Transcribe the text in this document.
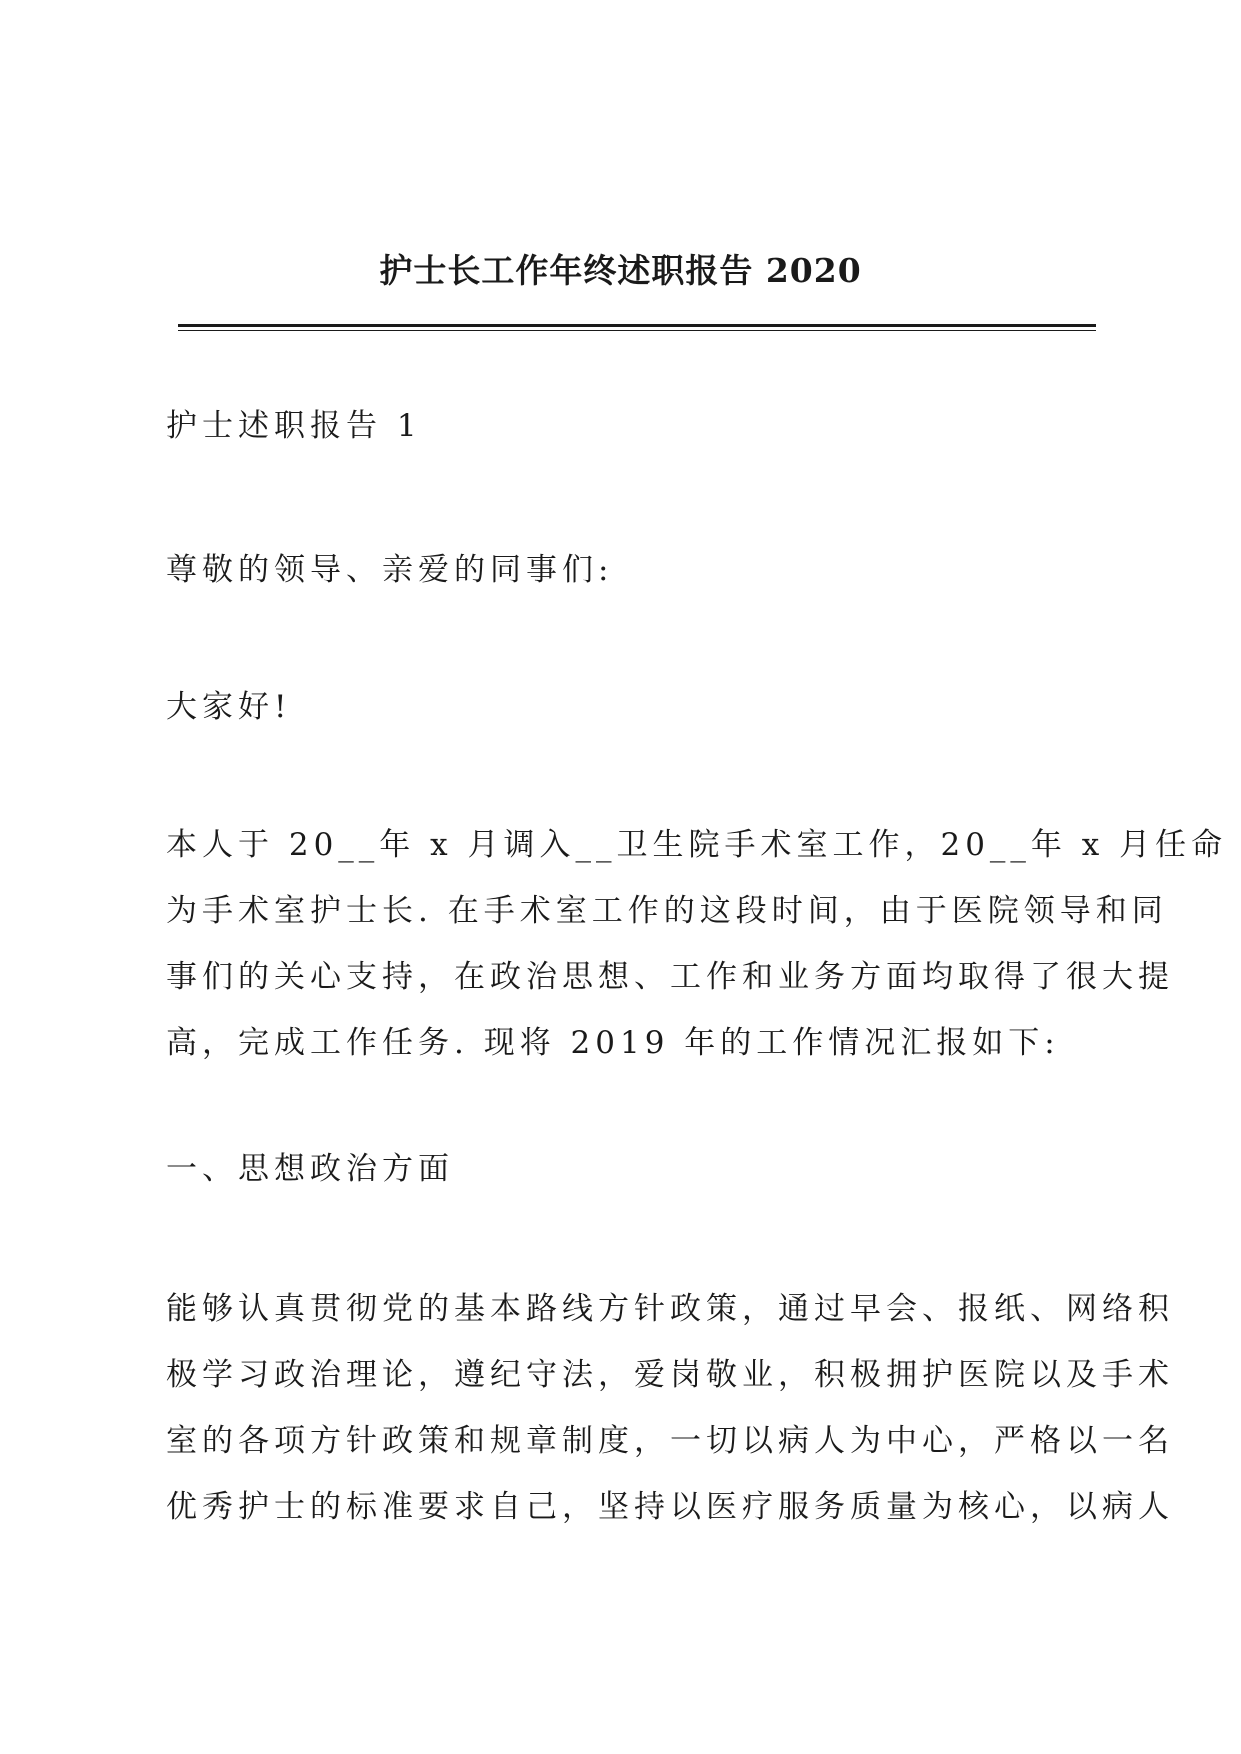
护士长工作年终述职报告 2020

护士述职报告 1

尊敬的领导、亲爱的同事们:

大家好!

本人于 20__年 x 月调入__卫生院手术室工作，20__年 x 月任命
为手术室护士长. 在手术室工作的这段时间，由于医院领导和同
事们的关心支持，在政治思想、工作和业务方面均取得了很大提
高，完成工作任务. 现将 2019 年的工作情况汇报如下:

一、思想政治方面

能够认真贯彻党的基本路线方针政策，通过早会、报纸、网络积
极学习政治理论，遵纪守法，爱岗敬业，积极拥护医院以及手术
室的各项方针政策和规章制度，一切以病人为中心，严格以一名
优秀护士的标准要求自己，坚持以医疗服务质量为核心，以病人
